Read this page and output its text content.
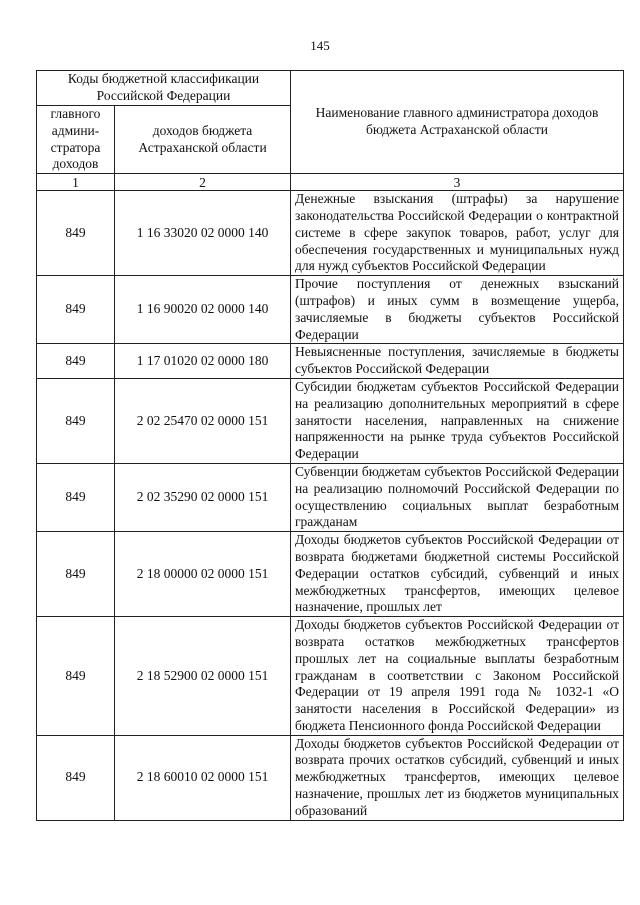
145
Коды бюджетной классификации Российской Федерации		Наименование главного администратора доходов бюджета Астраханской области
главного админи-стратора доходов	доходов бюджета Астраханской области	
1	2	3
849	1 16 33020 02 0000 140	Денежные взыскания (штрафы) за нарушение законодательства Российской Федерации о контрактной системе в сфере закупок товаров, работ, услуг для обеспечения государственных и муниципальных нужд для нужд субъектов Российской Федерации
849	1 16 90020 02 0000 140	Прочие поступления от денежных взысканий (штрафов) и иных сумм в возмещение ущерба, зачисляемые в бюджеты субъектов Российской Федерации
849	1 17 01020 02 0000 180	Невыясненные поступления, зачисляемые в бюджеты субъектов Российской Федерации
849	2 02 25470 02 0000 151	Субсидии бюджетам субъектов Российской Федерации на реализацию дополнительных мероприятий в сфере занятости населения, направленных на снижение напряженности на рынке труда субъектов Российской Федерации
849	2 02 35290 02 0000 151	Субвенции бюджетам субъектов Российской Федерации на реализацию полномочий Российской Федерации по осуществлению социальных выплат безработным гражданам
849	2 18 00000 02 0000 151	Доходы бюджетов субъектов Российской Федерации от возврата бюджетами бюджетной системы Российской Федерации остатков субсидий, субвенций и иных межбюджетных трансфертов, имеющих целевое назначение, прошлых лет
849	2 18 52900 02 0000 151	Доходы бюджетов субъектов Российской Федерации от возврата остатков межбюджетных трансфертов прошлых лет на социальные выплаты безработным гражданам в соответствии с Законом Российской Федерации от 19 апреля 1991 года № 1032-1 «О занятости населения в Российской Федерации» из бюджета Пенсионного фонда Российской Федерации
849	2 18 60010 02 0000 151	Доходы бюджетов субъектов Российской Федерации от возврата прочих остатков субсидий, субвенций и иных межбюджетных трансфертов, имеющих целевое назначение, прошлых лет из бюджетов муниципальных образований
